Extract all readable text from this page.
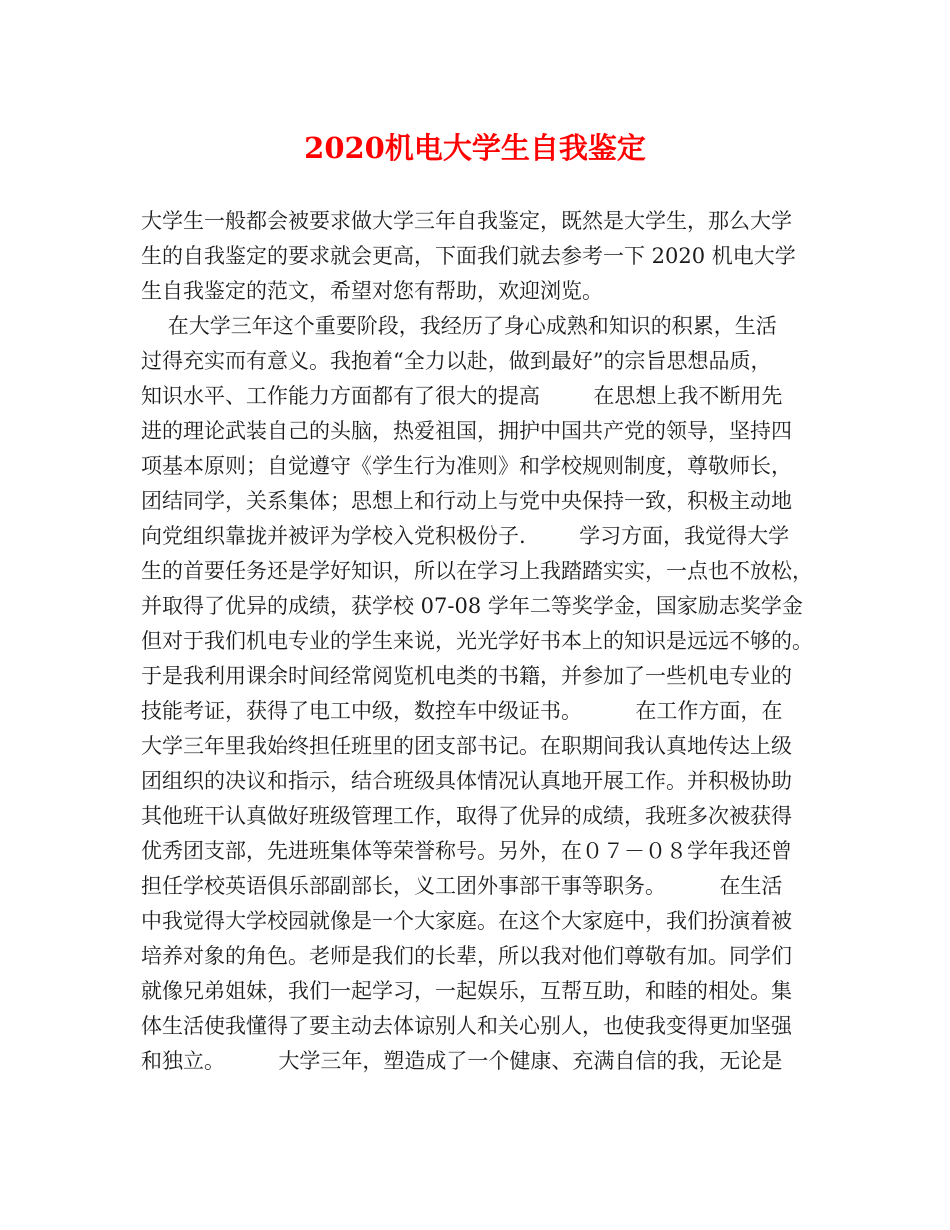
2020机电大学生自我鉴定
大学生一般都会被要求做大学三年自我鉴定，既然是大学生，那么大学
生的自我鉴定的要求就会更高，下面我们就去参考一下 2020 机电大学
生自我鉴定的范文，希望对您有帮助，欢迎浏览。
在大学三年这个重要阶段，我经历了身心成熟和知识的积累，生活
过得充实而有意义。我抱着“全力以赴，做到最好”的宗旨思想品质，
知识水平、工作能力方面都有了很大的提高        在思想上我不断用先
进的理论武装自己的头脑，热爱祖国，拥护中国共产党的领导，坚持四
项基本原则；自觉遵守《学生行为准则》和学校规则制度，尊敬师长，
团结同学，关系集体；思想上和行动上与党中央保持一致，积极主动地
向党组织靠拢并被评为学校入党积极份子.        学习方面，我觉得大学
生的首要任务还是学好知识，所以在学习上我踏踏实实，一点也不放松，
并取得了优异的成绩，获学校 07-08 学年二等奖学金，国家励志奖学金
但对于我们机电专业的学生来说，光光学好书本上的知识是远远不够的。
于是我利用课余时间经常阅览机电类的书籍，并参加了一些机电专业的
技能考证，获得了电工中级，数控车中级证书。        在工作方面，在
大学三年里我始终担任班里的团支部书记。在职期间我认真地传达上级
团组织的决议和指示，结合班级具体情况认真地开展工作。并积极协助
其他班干认真做好班级管理工作，取得了优异的成绩，我班多次被获得
优秀团支部，先进班集体等荣誉称号。另外，在０７－０８学年我还曾
担任学校英语俱乐部副部长，义工团外事部干事等职务。        在生活
中我觉得大学校园就像是一个大家庭。在这个大家庭中，我们扮演着被
培养对象的角色。老师是我们的长辈，所以我对他们尊敬有加。同学们
就像兄弟姐妹，我们一起学习，一起娱乐，互帮互助，和睦的相处。集
体生活使我懂得了要主动去体谅别人和关心别人，也使我变得更加坚强
和独立。        大学三年，塑造成了一个健康、充满自信的我，无论是
